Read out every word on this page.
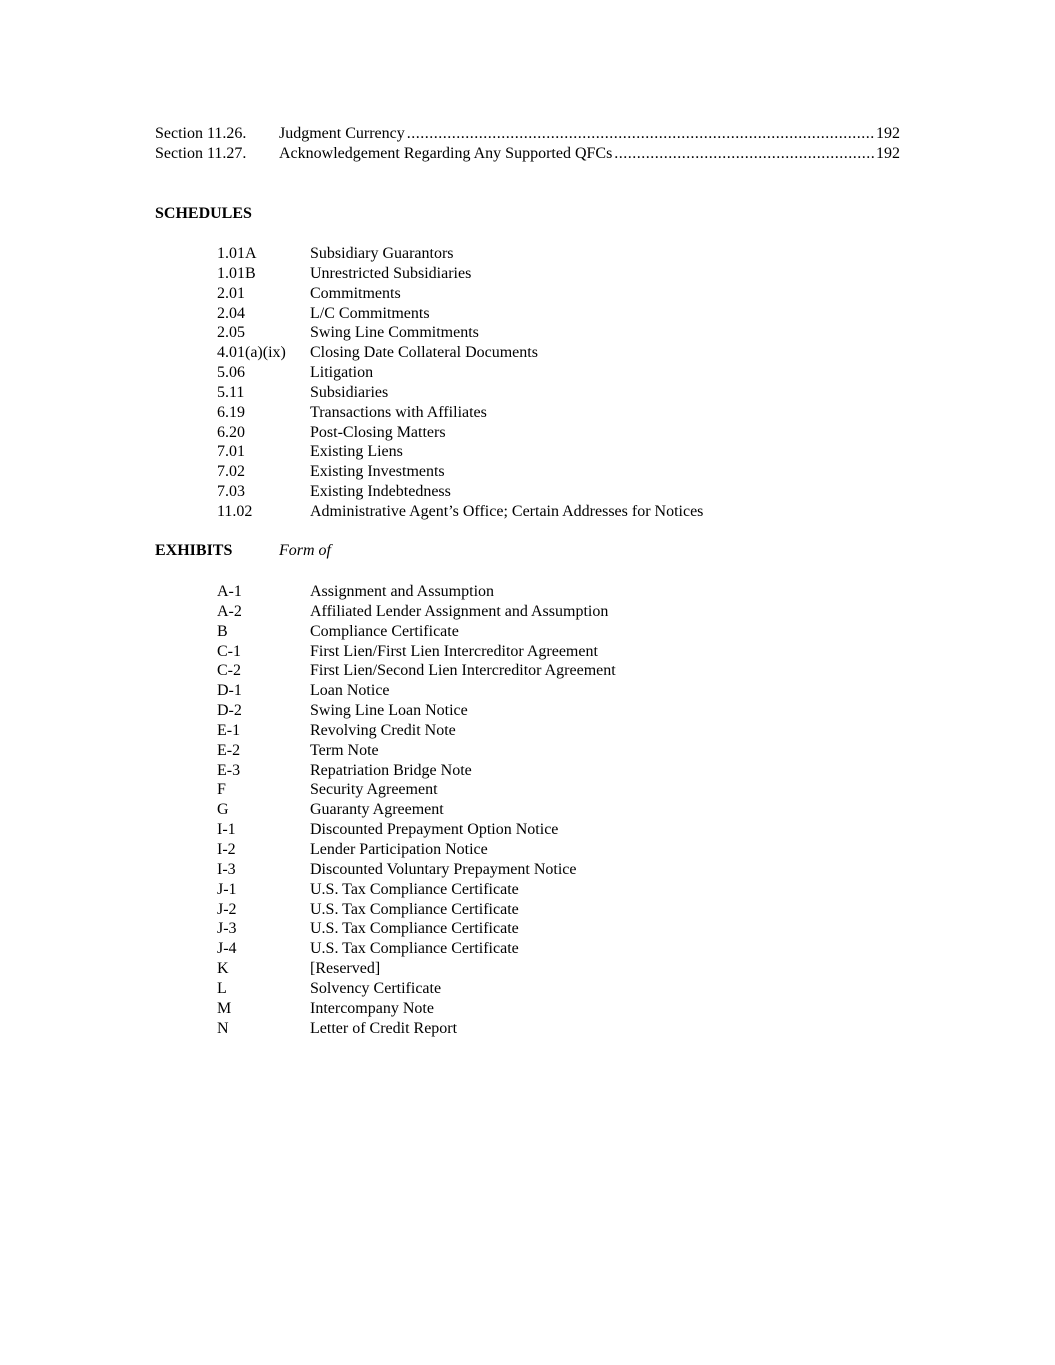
Section 11.26.	Judgment Currency .....	192
Section 11.27.	Acknowledgement Regarding Any Supported QFCs .....	192
SCHEDULES
1.01A	Subsidiary Guarantors
1.01B	Unrestricted Subsidiaries
2.01	Commitments
2.04	L/C Commitments
2.05	Swing Line Commitments
4.01(a)(ix)	Closing Date Collateral Documents
5.06	Litigation
5.11	Subsidiaries
6.19	Transactions with Affiliates
6.20	Post-Closing Matters
7.01	Existing Liens
7.02	Existing Investments
7.03	Existing Indebtedness
11.02	Administrative Agent’s Office; Certain Addresses for Notices
EXHIBITS	Form of
A-1	Assignment and Assumption
A-2	Affiliated Lender Assignment and Assumption
B	Compliance Certificate
C-1	First Lien/First Lien Intercreditor Agreement
C-2	First Lien/Second Lien Intercreditor Agreement
D-1	Loan Notice
D-2	Swing Line Loan Notice
E-1	Revolving Credit Note
E-2	Term Note
E-3	Repatriation Bridge Note
F	Security Agreement
G	Guaranty Agreement
I-1	Discounted Prepayment Option Notice
I-2	Lender Participation Notice
I-3	Discounted Voluntary Prepayment Notice
J-1	U.S. Tax Compliance Certificate
J-2	U.S. Tax Compliance Certificate
J-3	U.S. Tax Compliance Certificate
J-4	U.S. Tax Compliance Certificate
K	[Reserved]
L	Solvency Certificate
M	Intercompany Note
N	Letter of Credit Report
